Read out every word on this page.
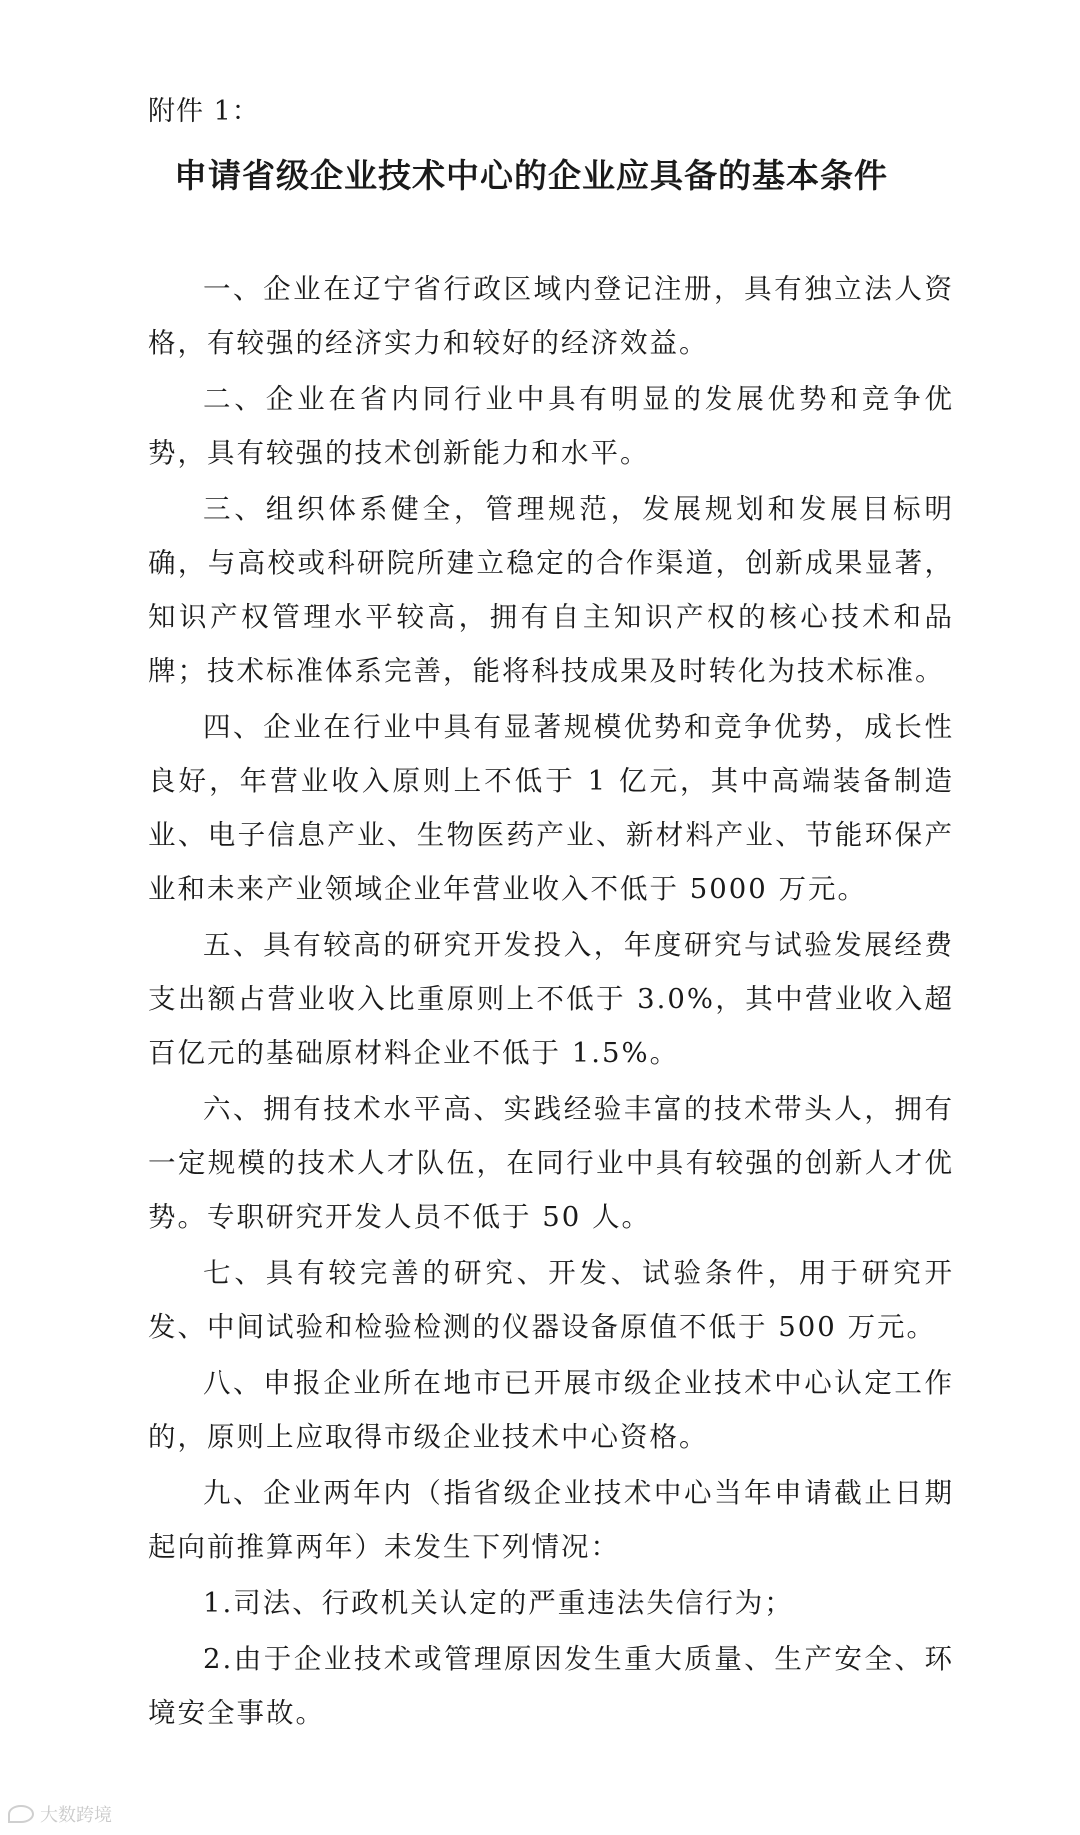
附件 1：
申请省级企业技术中心的企业应具备的基本条件

一、企业在辽宁省行政区域内登记注册，具有独立法人资格，有较强的经济实力和较好的经济效益。

二、企业在省内同行业中具有明显的发展优势和竞争优势，具有较强的技术创新能力和水平。

三、组织体系健全，管理规范，发展规划和发展目标明确，与高校或科研院所建立稳定的合作渠道，创新成果显著，知识产权管理水平较高，拥有自主知识产权的核心技术和品牌；技术标准体系完善，能将科技成果及时转化为技术标准。

四、企业在行业中具有显著规模优势和竞争优势，成长性良好，年营业收入原则上不低于 1 亿元，其中高端装备制造业、电子信息产业、生物医药产业、新材料产业、节能环保产业和未来产业领域企业年营业收入不低于 5000 万元。

五、具有较高的研究开发投入，年度研究与试验发展经费支出额占营业收入比重原则上不低于 3.0%，其中营业收入超百亿元的基础原材料企业不低于 1.5%。

六、拥有技术水平高、实践经验丰富的技术带头人，拥有一定规模的技术人才队伍，在同行业中具有较强的创新人才优势。专职研究开发人员不低于 50 人。

七、具有较完善的研究、开发、试验条件，用于研究开发、中间试验和检验检测的仪器设备原值不低于 500 万元。

八、申报企业所在地市已开展市级企业技术中心认定工作的，原则上应取得市级企业技术中心资格。

九、企业两年内（指省级企业技术中心当年申请截止日期起向前推算两年）未发生下列情况：

1.司法、行政机关认定的严重违法失信行为；

2.由于企业技术或管理原因发生重大质量、生产安全、环境安全事故。

大数跨境
